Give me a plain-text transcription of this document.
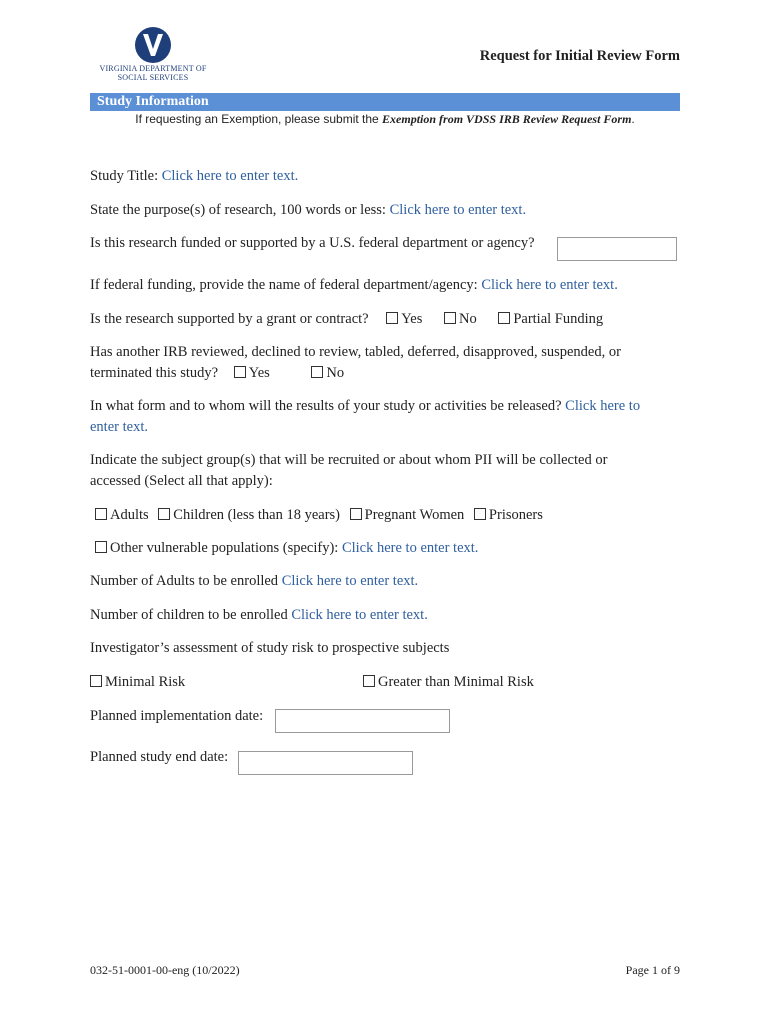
VIRGINIA DEPARTMENT OF
SOCIAL SERVICES
Request for Initial Review Form
Study Information
If requesting an Exemption, please submit the Exemption from VDSS IRB Review Request Form.
Study Title: Click here to enter text.
State the purpose(s) of research, 100 words or less: Click here to enter text.
Is this research funded or supported by a U.S. federal department or agency?
If federal funding, provide the name of federal department/agency: Click here to enter text.
Is the research supported by a grant or contract? Yes	No	Partial Funding
Has another IRB reviewed, declined to review, tabled, deferred, disapproved, suspended, or
terminated this study? Yes	No
In what form and to whom will the results of your study or activities be released? Click here to
enter text.
Indicate the subject group(s) that will be recruited or about whom PII will be collected or
accessed (Select all that apply):
Adults Children (less than 18 years) Pregnant Women Prisoners
Other vulnerable populations (specify): Click here to enter text.
Number of Adults to be enrolled Click here to enter text.
Number of children to be enrolled Click here to enter text.
Investigator’s assessment of study risk to prospective subjects
Minimal Risk	Greater than Minimal Risk
Planned implementation date:
Planned study end date:
032-51-0001-00-eng (10/2022)	Page 1 of 9
